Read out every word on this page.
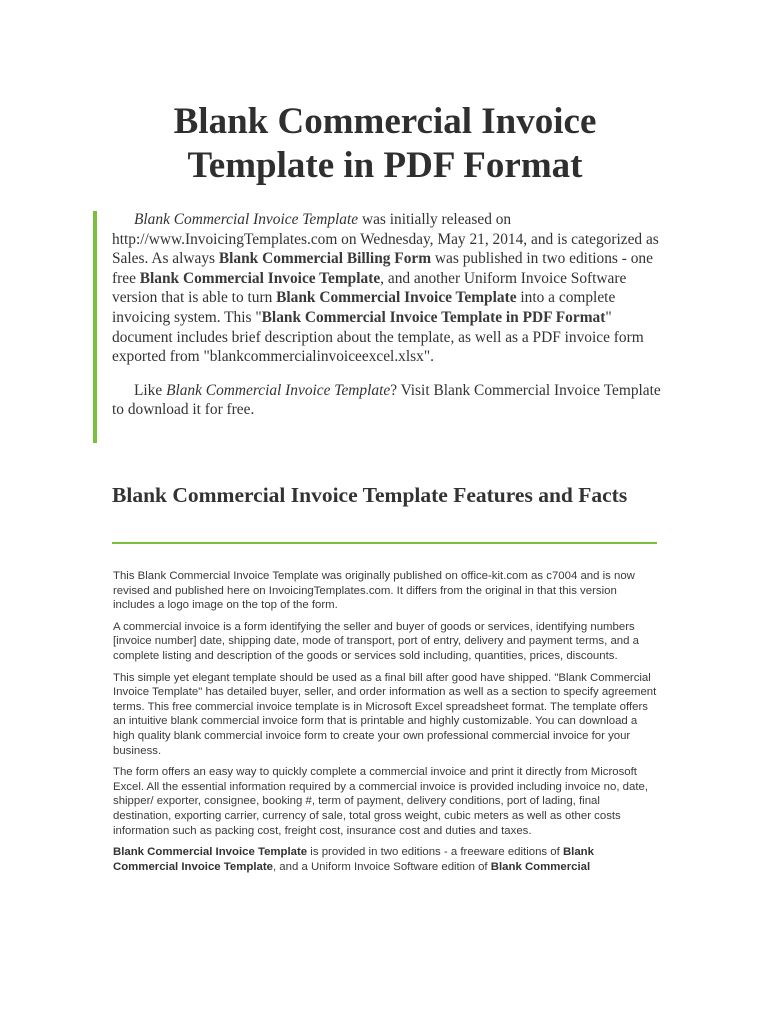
Blank Commercial Invoice Template in PDF Format

Blank Commercial Invoice Template was initially released on http://www.InvoicingTemplates.com on Wednesday, May 21, 2014, and is categorized as Sales. As always Blank Commercial Billing Form was published in two editions - one free Blank Commercial Invoice Template, and another Uniform Invoice Software version that is able to turn Blank Commercial Invoice Template into a complete invoicing system. This "Blank Commercial Invoice Template in PDF Format" document includes brief description about the template, as well as a PDF invoice form exported from "blankcommercialinvoiceexcel.xlsx".

Like Blank Commercial Invoice Template? Visit Blank Commercial Invoice Template to download it for free.

Blank Commercial Invoice Template Features and Facts

This Blank Commercial Invoice Template was originally published on office-kit.com as c7004 and is now revised and published here on InvoicingTemplates.com. It differs from the original in that this version includes a logo image on the top of the form.

A commercial invoice is a form identifying the seller and buyer of goods or services, identifying numbers [invoice number] date, shipping date, mode of transport, port of entry, delivery and payment terms, and a complete listing and description of the goods or services sold including, quantities, prices, discounts.

This simple yet elegant template should be used as a final bill after good have shipped. "Blank Commercial Invoice Template" has detailed buyer, seller, and order information as well as a section to specify agreement terms. This free commercial invoice template is in Microsoft Excel spreadsheet format. The template offers an intuitive blank commercial invoice form that is printable and highly customizable. You can download a high quality blank commercial invoice form to create your own professional commercial invoice for your business.

The form offers an easy way to quickly complete a commercial invoice and print it directly from Microsoft Excel. All the essential information required by a commercial invoice is provided including invoice no, date, shipper/ exporter, consignee, booking #, term of payment, delivery conditions, port of lading, final destination, exporting carrier, currency of sale, total gross weight, cubic meters as well as other costs information such as packing cost, freight cost, insurance cost and duties and taxes.

Blank Commercial Invoice Template is provided in two editions - a freeware editions of Blank Commercial Invoice Template, and a Uniform Invoice Software edition of Blank Commercial
